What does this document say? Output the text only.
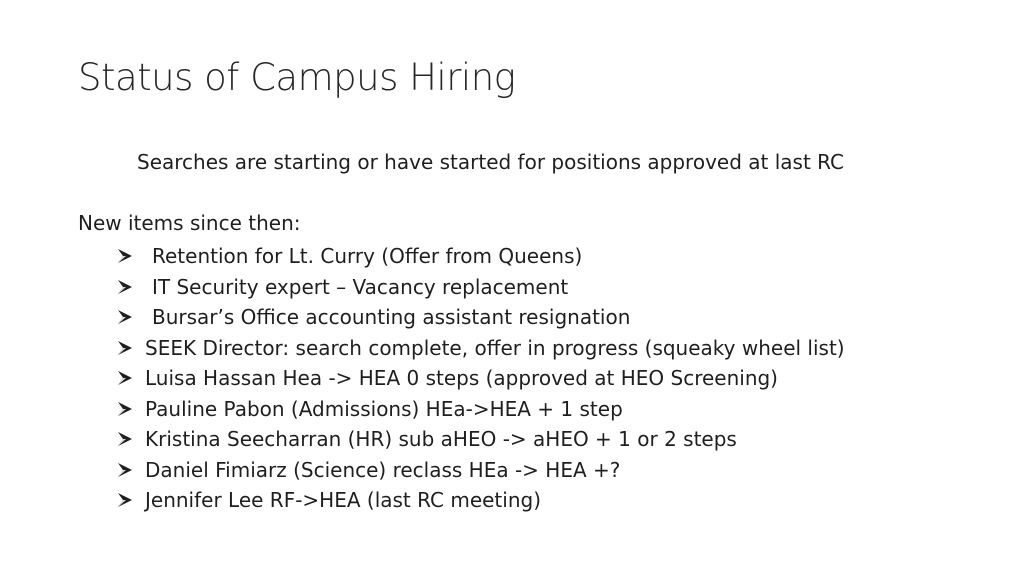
Status of Campus Hiring
Searches are starting or have started for positions approved at last RC
New items since then:
Retention for Lt. Curry (Offer from Queens)
IT Security expert – Vacancy replacement
Bursar’s Office accounting assistant resignation
SEEK Director: search complete, offer in progress (squeaky wheel list)
Luisa Hassan Hea -> HEA 0 steps (approved at HEO Screening)
Pauline Pabon (Admissions) HEa->HEA + 1 step
Kristina Seecharran (HR) sub aHEO -> aHEO + 1 or 2 steps
Daniel Fimiarz (Science) reclass HEa -> HEA +?
Jennifer Lee RF->HEA (last RC meeting)
